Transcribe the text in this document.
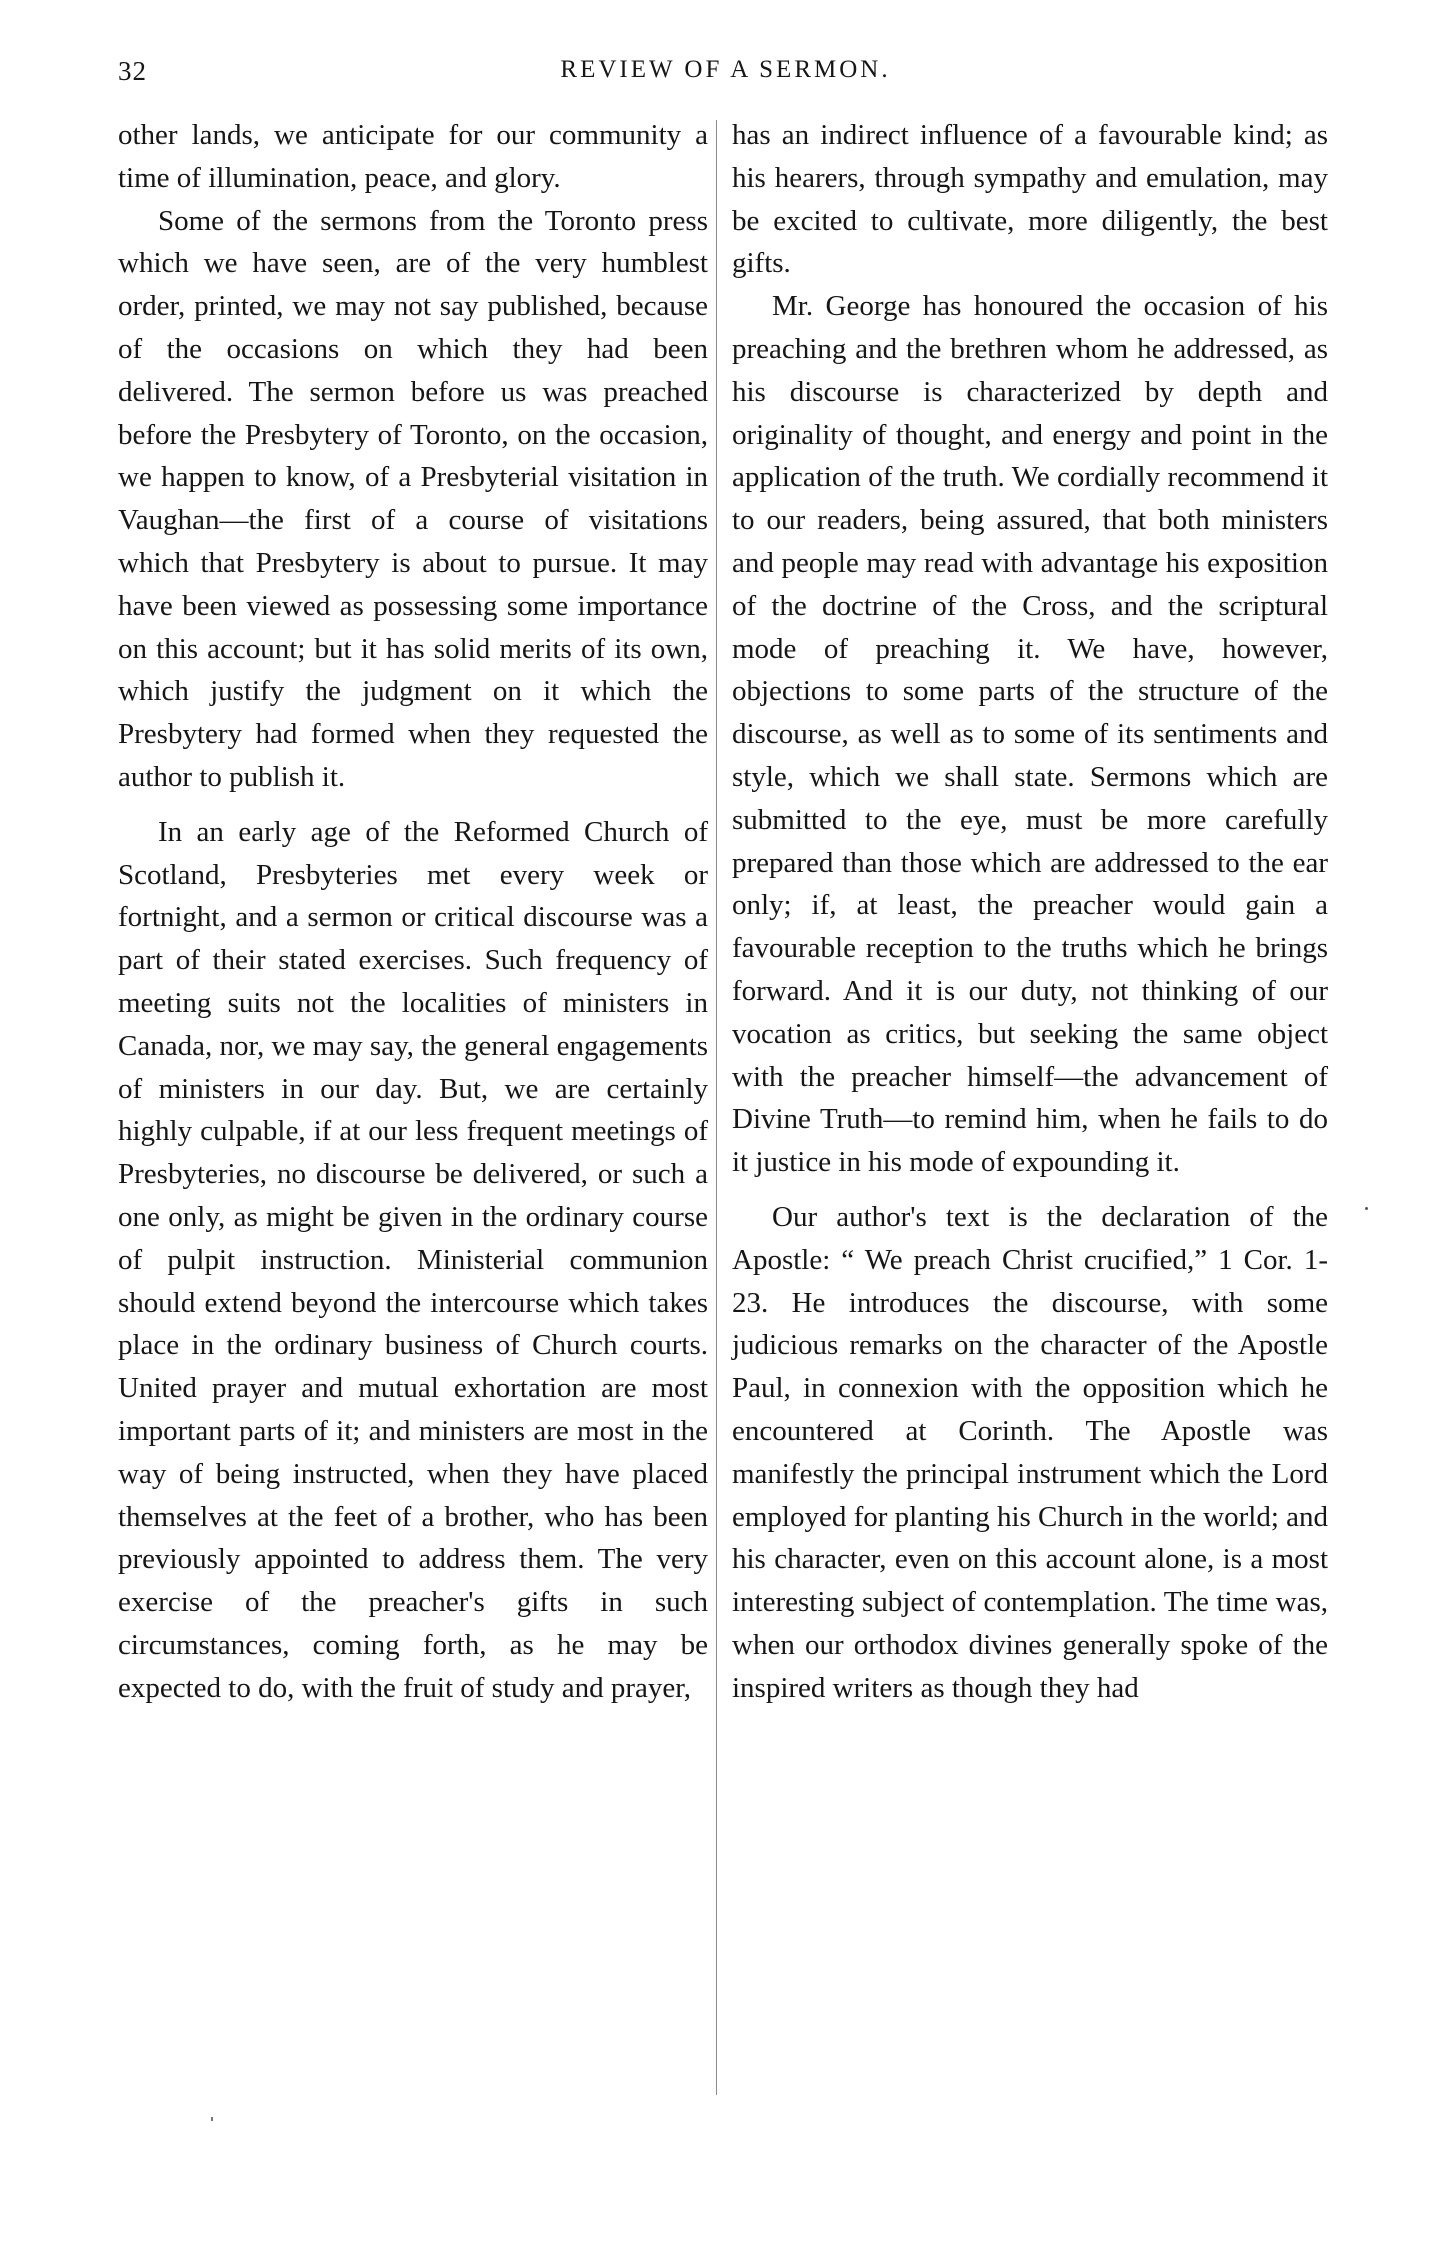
32	REVIEW OF A SERMON.

other lands, we anticipate for our community a time of illumination, peace, and glory.

Some of the sermons from the Toronto press which we have seen, are of the very humblest order, printed, we may not say published, because of the occasions on which they had been delivered. The sermon before us was preached before the Presbytery of Toronto, on the occasion, we happen to know, of a Presbyterial visitation in Vaughan—the first of a course of visitations which that Presbytery is about to pursue. It may have been viewed as possessing some importance on this account; but it has solid merits of its own, which justify the judgment on it which the Presbytery had formed when they requested the author to publish it.

In an early age of the Reformed Church of Scotland, Presbyteries met every week or fortnight, and a sermon or critical discourse was a part of their stated exercises. Such frequency of meeting suits not the localities of ministers in Canada, nor, we may say, the general engagements of ministers in our day. But, we are certainly highly culpable, if at our less frequent meetings of Presbyteries, no discourse be delivered, or such a one only, as might be given in the ordinary course of pulpit instruction. Ministerial communion should extend beyond the intercourse which takes place in the ordinary business of Church courts. United prayer and mutual exhortation are most important parts of it; and ministers are most in the way of being instructed, when they have placed themselves at the feet of a brother, who has been previously appointed to address them. The very exercise of the preacher's gifts in such circumstances, coming forth, as he may be expected to do, with the fruit of study and prayer,

has an indirect influence of a favourable kind; as his hearers, through sympathy and emulation, may be excited to cultivate, more diligently, the best gifts.

Mr. George has honoured the occasion of his preaching and the brethren whom he addressed, as his discourse is characterized by depth and originality of thought, and energy and point in the application of the truth. We cordially recommend it to our readers, being assured, that both ministers and people may read with advantage his exposition of the doctrine of the Cross, and the scriptural mode of preaching it. We have, however, objections to some parts of the structure of the discourse, as well as to some of its sentiments and style, which we shall state. Sermons which are submitted to the eye, must be more carefully prepared than those which are addressed to the ear only; if, at least, the preacher would gain a favourable reception to the truths which he brings forward. And it is our duty, not thinking of our vocation as critics, but seeking the same object with the preacher himself—the advancement of Divine Truth—to remind him, when he fails to do it justice in his mode of expounding it.

Our author's text is the declaration of the Apostle: “ We preach Christ crucified,” 1 Cor. 1-23. He introduces the discourse, with some judicious remarks on the character of the Apostle Paul, in connexion with the opposition which he encountered at Corinth. The Apostle was manifestly the principal instrument which the Lord employed for planting his Church in the world; and his character, even on this account alone, is a most interesting subject of contemplation. The time was, when our orthodox divines generally spoke of the inspired writers as though they had
